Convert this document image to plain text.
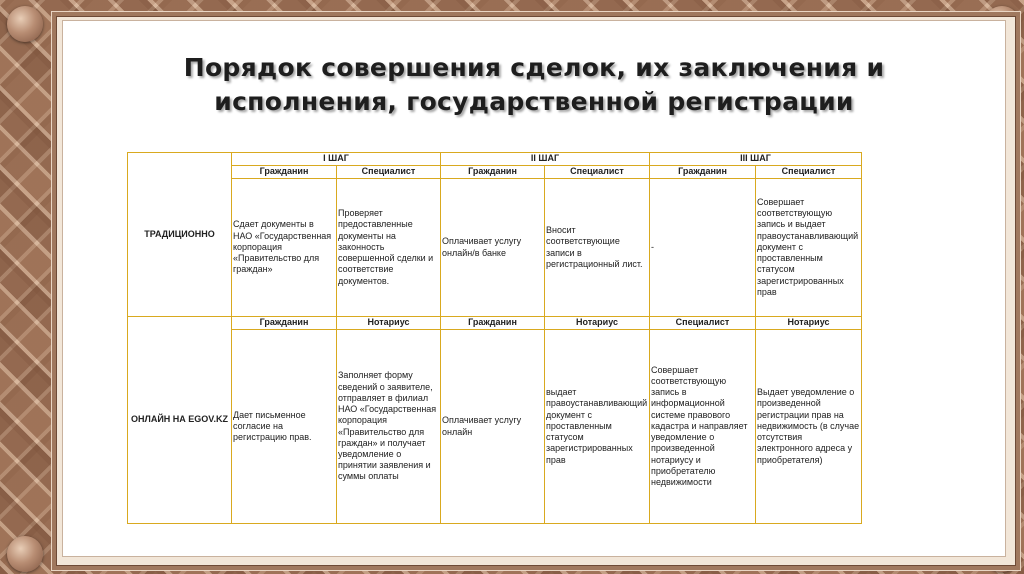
Порядок совершения сделок, их заключения и
исполнения, государственной регистрации
ТРАДИЦИОННО	I ШАГ		II ШАГ		III ШАГ	
	Гражданин	Специалист	Гражданин	Специалист	Гражданин	Специалист
	Сдает документы в НАО «Государственная корпорация «Правительство для граждан»	Проверяет предоставленные документы на законность совершенной сделки и соответствие документов.	Оплачивает услугу онлайн/в банке	Вносит соответствующие записи в регистрационный лист.	-	Совершает соответствующую запись и выдает правоустанавливающий документ с проставленным статусом зарегистрированных прав
ОНЛАЙН НА EGOV.KZ	Гражданин	Нотариус	Гражданин	Нотариус	Специалист	Нотариус
	Дает письменное согласие на регистрацию прав.	Заполняет форму сведений о заявителе, отправляет в филиал НАО «Государственная корпорация «Правительство для граждан» и получает уведомление о принятии заявления и суммы оплаты	Оплачивает услугу онлайн	выдает правоустанавливающий документ с проставленным статусом зарегистрированных прав	Совершает соответствующую запись в информационной системе правового кадастра и направляет уведомление о произведенной нотариусу и приобретателю недвижимости	Выдает уведомление о произведенной регистрации прав на недвижимость (в случае отсутствия электронного адреса у приобретателя)
